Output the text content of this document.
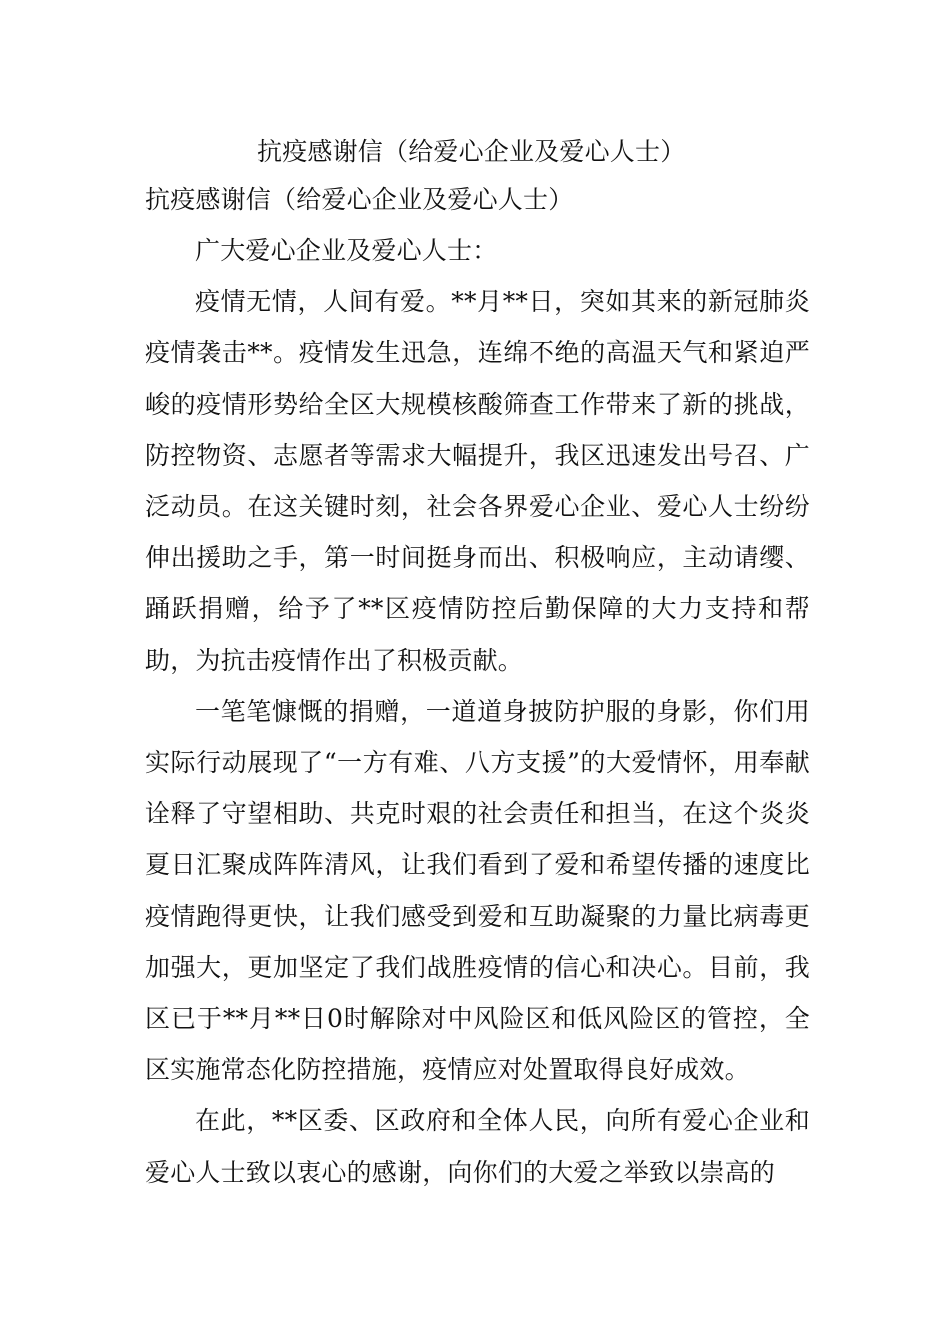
抗疫感谢信（给爱心企业及爱心人士）

抗疫感谢信（给爱心企业及爱心人士）

广大爱心企业及爱心人士：

疫情无情，人间有爱。**月**日，突如其来的新冠肺炎疫情袭击**。疫情发生迅急，连绵不绝的高温天气和紧迫严峻的疫情形势给全区大规模核酸筛查工作带来了新的挑战，防控物资、志愿者等需求大幅提升，我区迅速发出号召、广泛动员。在这关键时刻，社会各界爱心企业、爱心人士纷纷伸出援助之手，第一时间挺身而出、积极响应，主动请缨、踊跃捐赠，给予了**区疫情防控后勤保障的大力支持和帮助，为抗击疫情作出了积极贡献。

一笔笔慷慨的捐赠，一道道身披防护服的身影，你们用实际行动展现了“一方有难、八方支援”的大爱情怀，用奉献诠释了守望相助、共克时艰的社会责任和担当，在这个炎炎夏日汇聚成阵阵清风，让我们看到了爱和希望传播的速度比疫情跑得更快，让我们感受到爱和互助凝聚的力量比病毒更加强大，更加坚定了我们战胜疫情的信心和决心。目前，我区已于**月**日0时解除对中风险区和低风险区的管控，全区实施常态化防控措施，疫情应对处置取得良好成效。

在此，**区委、区政府和全体人民，向所有爱心企业和爱心人士致以衷心的感谢，向你们的大爱之举致以崇高的
